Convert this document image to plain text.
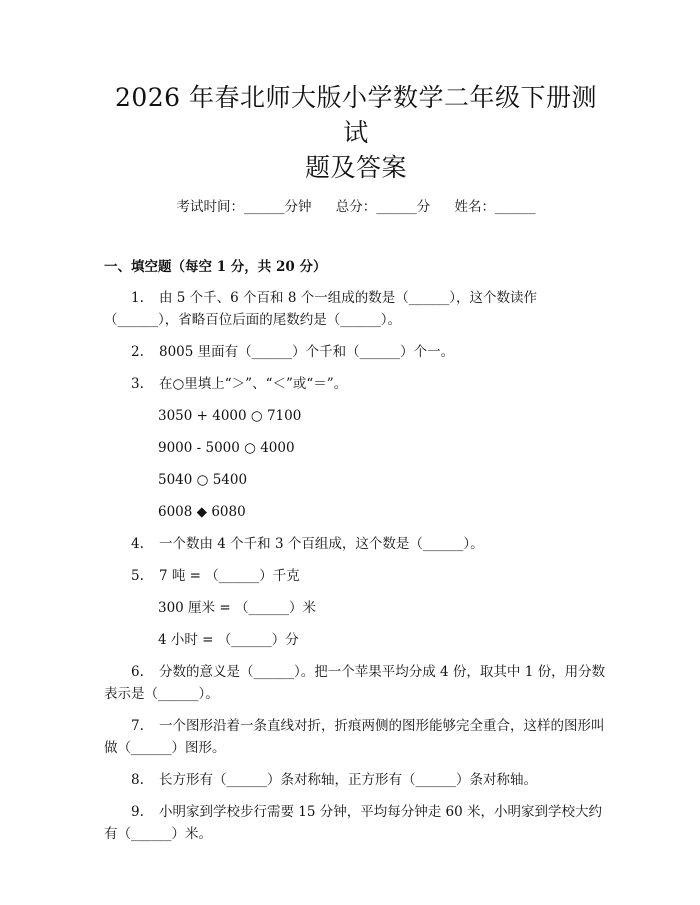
2026 年春北师大版小学数学二年级下册测试
题及答案
考试时间：______分钟 总分：______分 姓名：______
一、填空题（每空 1 分，共 20 分）

1. 由 5 个千、6 个百和 8 个一组成的数是（______），这个数读作（______），省略百位后面的尾数约是（______）。

2. 8005 里面有（______）个千和（______）个一。

3. 在○里填上“＞”、“＜”或“＝”。

3050 + 4000 ○ 7100

9000 - 5000 ○ 4000

5040 ○ 5400

6008 ◆ 6080

4. 一个数由 4 个千和 3 个百组成，这个数是（______）。

5. 7 吨 = （______）千克

300 厘米 = （______）米

4 小时 = （______）分

6. 分数的意义是（______）。把一个苹果平均分成 4 份，取其中 1 份，用分数表示是（______）。

7. 一个图形沿着一条直线对折，折痕两侧的图形能够完全重合，这样的图形叫做（______）图形。

8. 长方形有（______）条对称轴，正方形有（______）条对称轴。

9. 小明家到学校步行需要 15 分钟，平均每分钟走 60 米，小明家到学校大约有（______）米。
